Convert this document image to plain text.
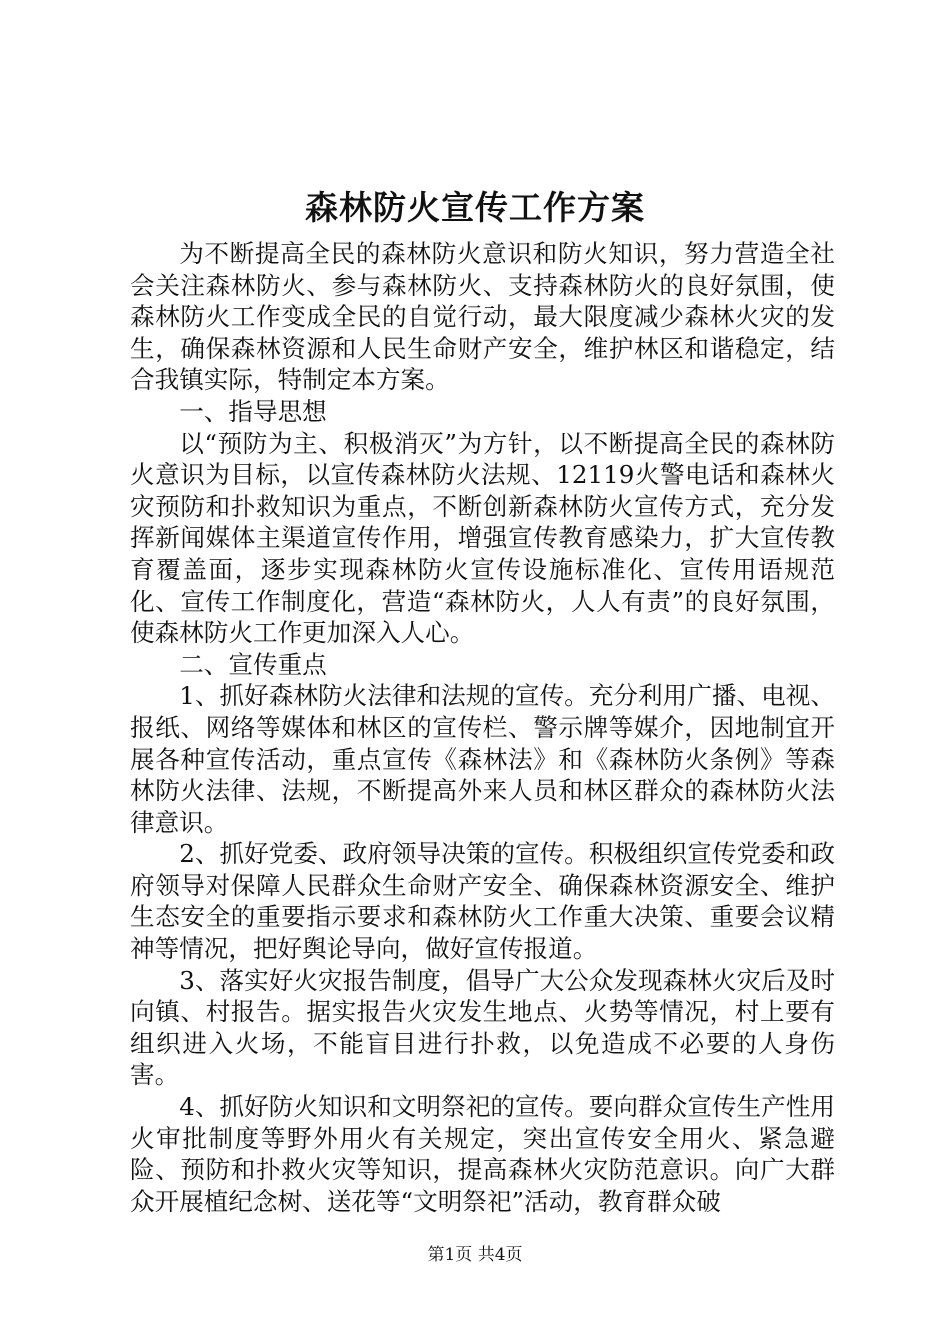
森林防火宣传工作方案

为不断提高全民的森林防火意识和防火知识，努力营造全社会关注森林防火、参与森林防火、支持森林防火的良好氛围，使森林防火工作变成全民的自觉行动，最大限度减少森林火灾的发生，确保森林资源和人民生命财产安全，维护林区和谐稳定，结合我镇实际，特制定本方案。

一、指导思想

以“预防为主、积极消灭”为方针，以不断提高全民的森林防火意识为目标，以宣传森林防火法规、12119火警电话和森林火灾预防和扑救知识为重点，不断创新森林防火宣传方式，充分发挥新闻媒体主渠道宣传作用，增强宣传教育感染力，扩大宣传教育覆盖面，逐步实现森林防火宣传设施标准化、宣传用语规范化、宣传工作制度化，营造“森林防火，人人有责”的良好氛围，使森林防火工作更加深入人心。

二、宣传重点

1、抓好森林防火法律和法规的宣传。充分利用广播、电视、报纸、网络等媒体和林区的宣传栏、警示牌等媒介，因地制宜开展各种宣传活动，重点宣传《森林法》和《森林防火条例》等森林防火法律、法规，不断提高外来人员和林区群众的森林防火法律意识。

2、抓好党委、政府领导决策的宣传。积极组织宣传党委和政府领导对保障人民群众生命财产安全、确保森林资源安全、维护生态安全的重要指示要求和森林防火工作重大决策、重要会议精神等情况，把好舆论导向，做好宣传报道。

3、落实好火灾报告制度，倡导广大公众发现森林火灾后及时向镇、村报告。据实报告火灾发生地点、火势等情况，村上要有组织进入火场，不能盲目进行扑救，以免造成不必要的人身伤害。

4、抓好防火知识和文明祭祀的宣传。要向群众宣传生产性用火审批制度等野外用火有关规定，突出宣传安全用火、紧急避险、预防和扑救火灾等知识，提高森林火灾防范意识。向广大群众开展植纪念树、送花等“文明祭祀”活动，教育群众破

第1页 共4页
